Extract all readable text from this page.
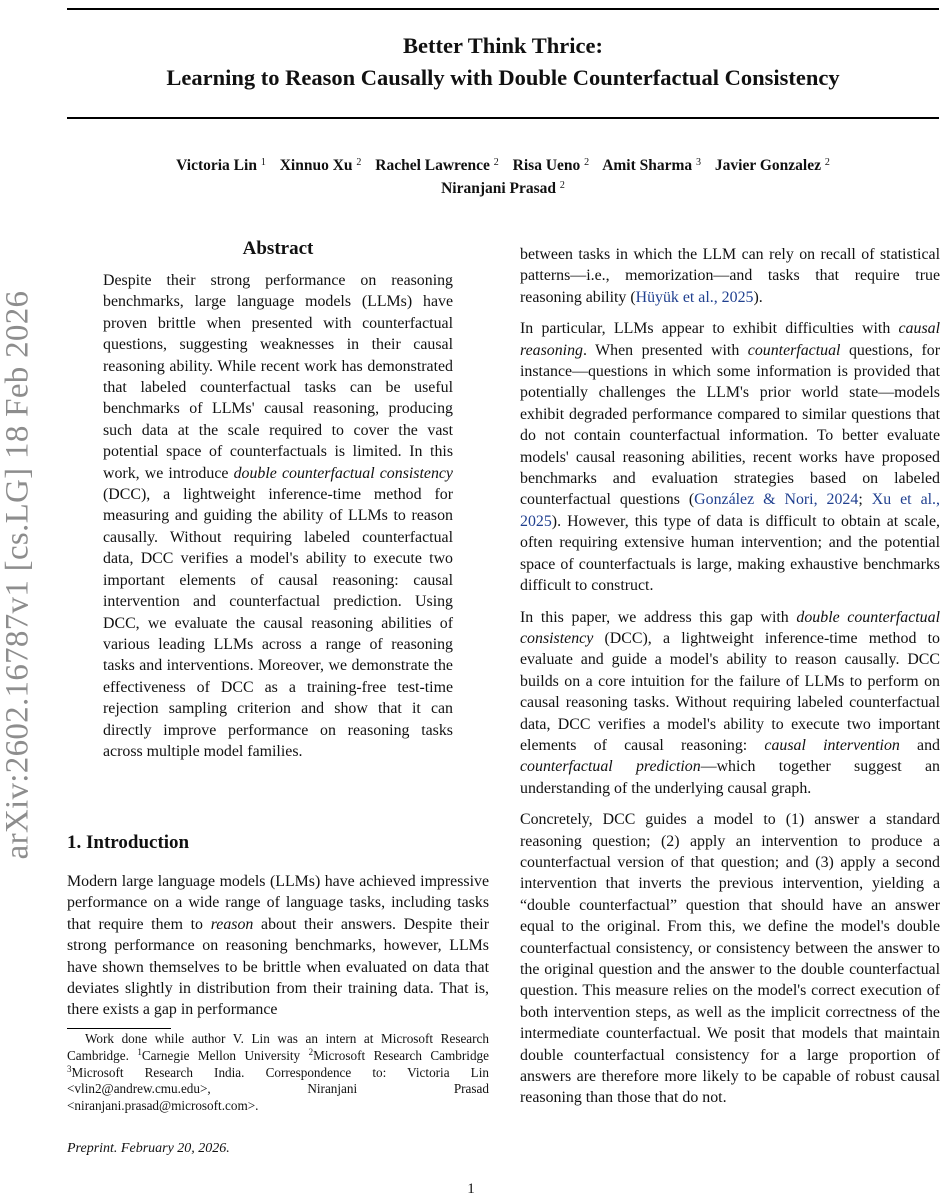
Better Think Thrice:
Learning to Reason Causally with Double Counterfactual Consistency
Victoria Lin $^1$ Xinnuo Xu $^2$ Rachel Lawrence $^2$ Risa Ueno $^2$ Amit Sharma $^3$ Javier Gonzalez $^2$
Niranjani Prasad $^2$
arXiv:2602.16787v1 [cs.LG] 18 Feb 2026
Abstract

Despite their strong performance on reasoning benchmarks, large language models (LLMs) have proven brittle when presented with counterfactual questions, suggesting weaknesses in their causal reasoning ability. While recent work has demonstrated that labeled counterfactual tasks can be useful benchmarks of LLMs' causal reasoning, producing such data at the scale required to cover the vast potential space of counterfactuals is limited. In this work, we introduce double counterfactual consistency (DCC), a lightweight inference-time method for measuring and guiding the ability of LLMs to reason causally. Without requiring labeled counterfactual data, DCC verifies a model's ability to execute two important elements of causal reasoning: causal intervention and counterfactual prediction. Using DCC, we evaluate the causal reasoning abilities of various leading LLMs across a range of reasoning tasks and interventions. Moreover, we demonstrate the effectiveness of DCC as a training-free test-time rejection sampling criterion and show that it can directly improve performance on reasoning tasks across multiple model families.

1. Introduction

Modern large language models (LLMs) have achieved impressive performance on a wide range of language tasks, including tasks that require them to reason about their answers. Despite their strong performance on reasoning benchmarks, however, LLMs have shown themselves to be brittle when evaluated on data that deviates slightly in distribution from their training data. That is, there exists a gap in performance

Work done while author V. Lin was an intern at Microsoft Research Cambridge. $^1$Carnegie Mellon University $^2$Microsoft Research Cambridge $^3$Microsoft Research India. Correspondence to: Victoria Lin <vlin2@andrew.cmu.edu>, Niranjani Prasad <niranjani.prasad@microsoft.com>.
Preprint. February 20, 2026.

between tasks in which the LLM can rely on recall of statistical patterns—i.e., memorization—and tasks that require true reasoning ability (Hüyük et al., 2025).

In particular, LLMs appear to exhibit difficulties with causal reasoning. When presented with counterfactual questions, for instance—questions in which some information is provided that potentially challenges the LLM's prior world state—models exhibit degraded performance compared to similar questions that do not contain counterfactual information. To better evaluate models' causal reasoning abilities, recent works have proposed benchmarks and evaluation strategies based on labeled counterfactual questions (González & Nori, 2024; Xu et al., 2025). However, this type of data is difficult to obtain at scale, often requiring extensive human intervention; and the potential space of counterfactuals is large, making exhaustive benchmarks difficult to construct.

In this paper, we address this gap with double counterfactual consistency (DCC), a lightweight inference-time method to evaluate and guide a model's ability to reason causally. DCC builds on a core intuition for the failure of LLMs to perform on causal reasoning tasks. Without requiring labeled counterfactual data, DCC verifies a model's ability to execute two important elements of causal reasoning: causal intervention and counterfactual prediction—which together suggest an understanding of the underlying causal graph.

Concretely, DCC guides a model to (1) answer a standard reasoning question; (2) apply an intervention to produce a counterfactual version of that question; and (3) apply a second intervention that inverts the previous intervention, yielding a “double counterfactual” question that should have an answer equal to the original. From this, we define the model's double counterfactual consistency, or consistency between the answer to the original question and the answer to the double counterfactual question. This measure relies on the model's correct execution of both intervention steps, as well as the implicit correctness of the intermediate counterfactual. We posit that models that maintain double counterfactual consistency for a large proportion of answers are therefore more likely to be capable of robust causal reasoning than those that do not.

1
